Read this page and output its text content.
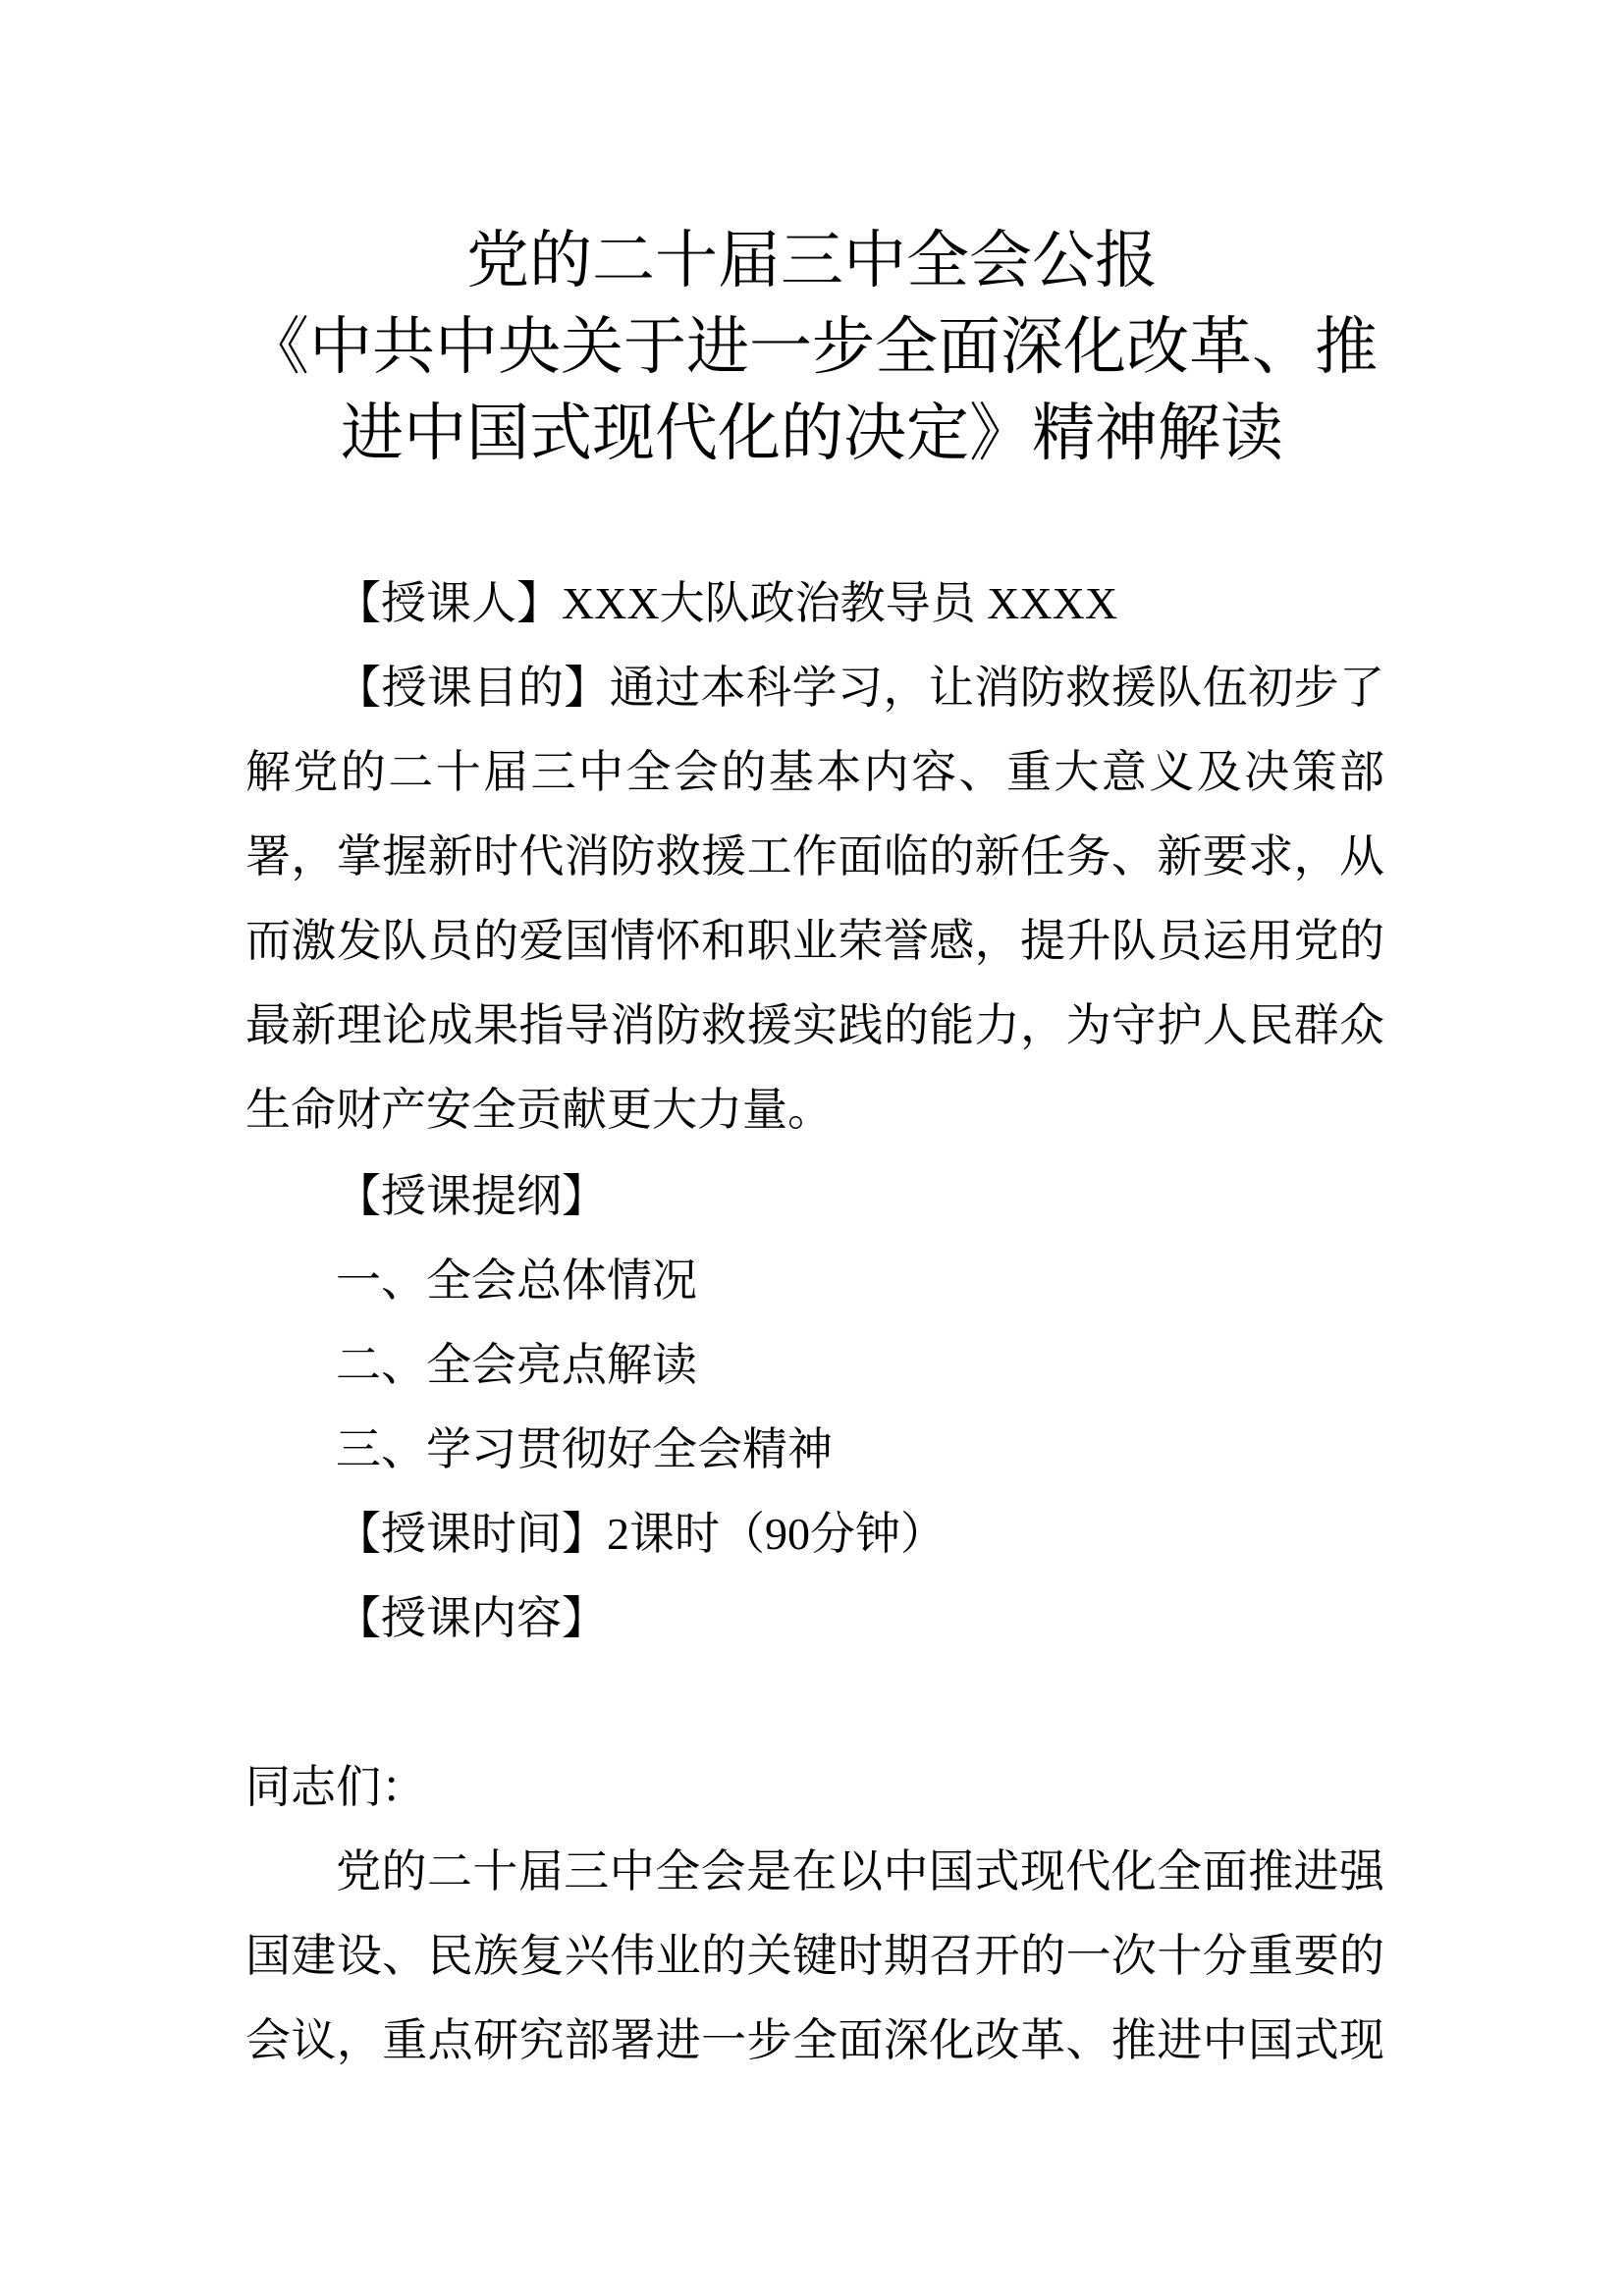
党的二十届三中全会公报
《中共中央关于进一步全面深化改革、推
进中国式现代化的决定》精神解读
【授课人】XXX大队政治教导员 XXXX
【授课目的】通过本科学习，让消防救援队伍初步了
解党的二十届三中全会的基本内容、重大意义及决策部
署，掌握新时代消防救援工作面临的新任务、新要求，从
而激发队员的爱国情怀和职业荣誉感，提升队员运用党的
最新理论成果指导消防救援实践的能力，为守护人民群众
生命财产安全贡献更大力量。
【授课提纲】
一、全会总体情况
二、全会亮点解读
三、学习贯彻好全会精神
【授课时间】2课时（90分钟）
【授课内容】
同志们：
党的二十届三中全会是在以中国式现代化全面推进强
国建设、民族复兴伟业的关键时期召开的一次十分重要的
会议，重点研究部署进一步全面深化改革、推进中国式现
